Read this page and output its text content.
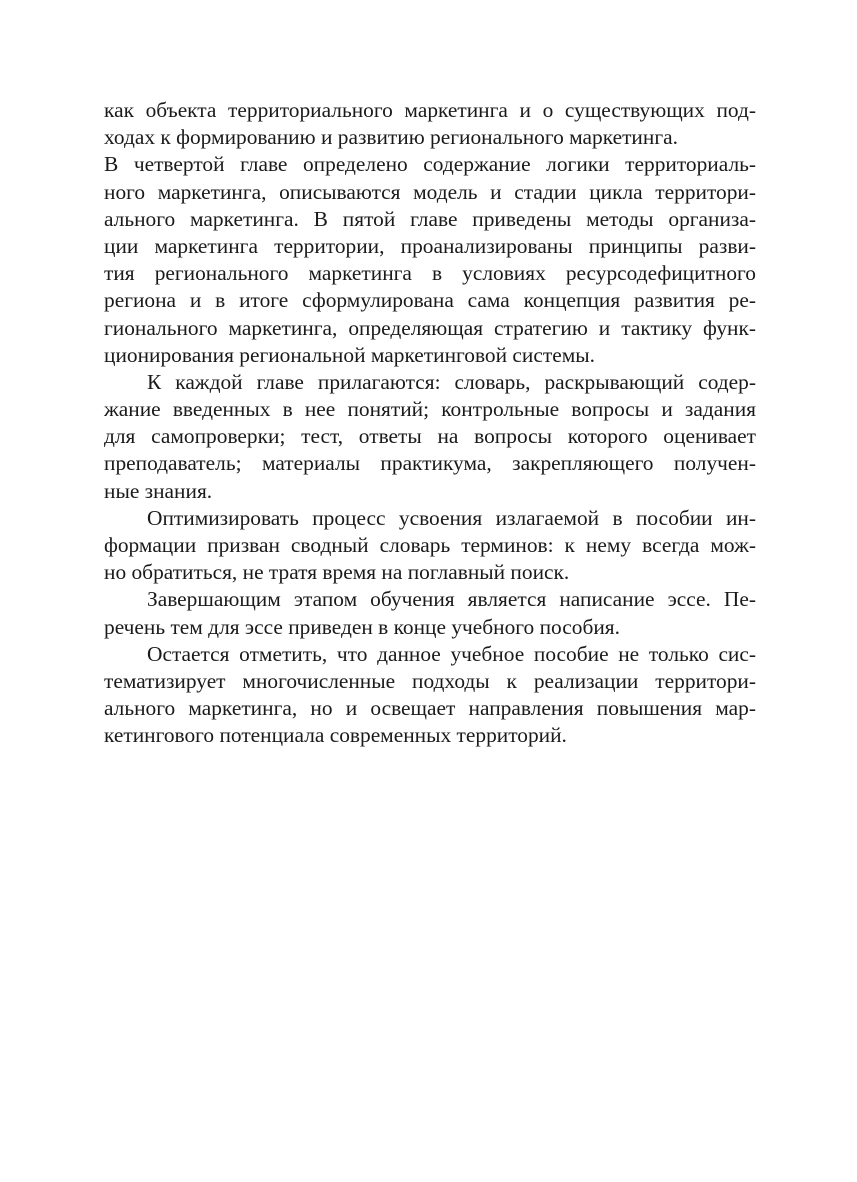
как объекта территориального маркетинга и о существующих под-
ходах к формированию и развитию регионального маркетинга.
В четвертой главе определено содержание логики территориаль-
ного маркетинга, описываются модель и стадии цикла территори-
ального маркетинга. В пятой главе приведены методы организа-
ции маркетинга территории, проанализированы принципы разви-
тия регионального маркетинга в условиях ресурсодефицитного
региона и в итоге сформулирована сама концепция развития ре-
гионального маркетинга, определяющая стратегию и тактику функ-
ционирования региональной маркетинговой системы.
К каждой главе прилагаются: словарь, раскрывающий содер-
жание введенных в нее понятий; контрольные вопросы и задания
для самопроверки; тест, ответы на вопросы которого оценивает
преподаватель; материалы практикума, закрепляющего получен-
ные знания.
Оптимизировать процесс усвоения излагаемой в пособии ин-
формации призван сводный словарь терминов: к нему всегда мож-
но обратиться, не тратя время на поглавный поиск.
Завершающим этапом обучения является написание эссе. Пе-
речень тем для эссе приведен в конце учебного пособия.
Остается отметить, что данное учебное пособие не только сис-
тематизирует многочисленные подходы к реализации территори-
ального маркетинга, но и освещает направления повышения мар-
кетингового потенциала современных территорий.
